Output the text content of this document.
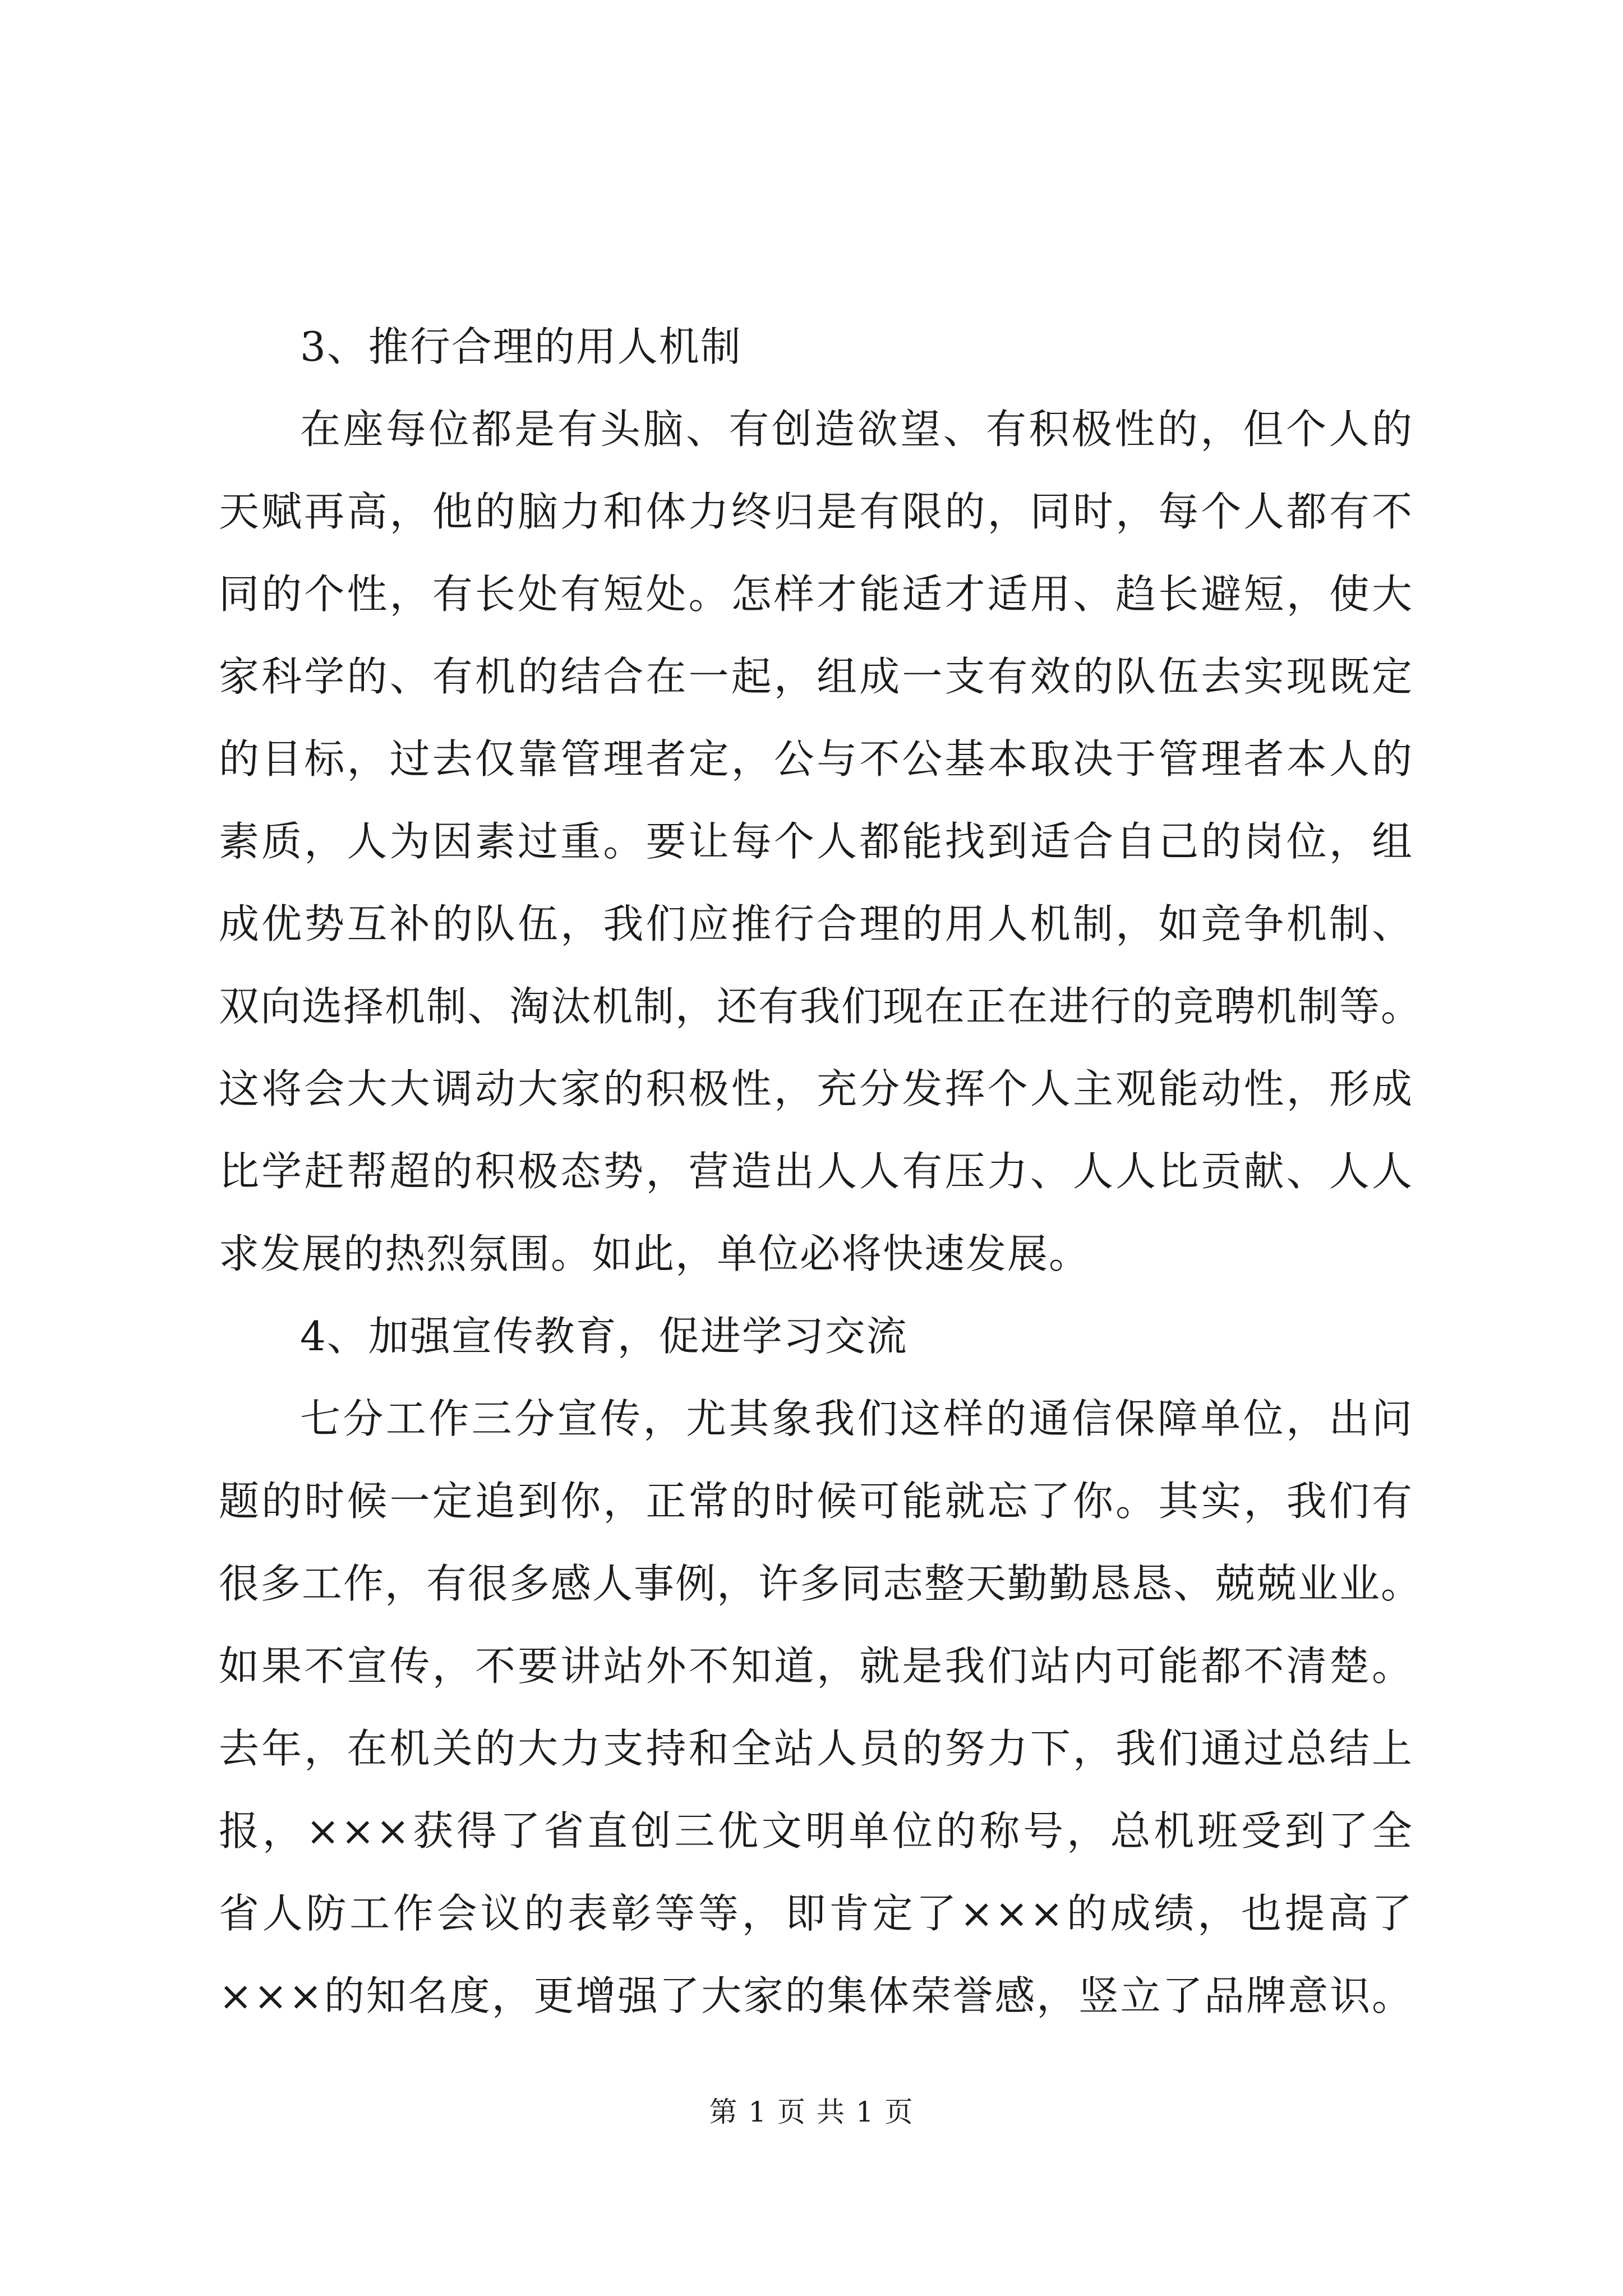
3、推行合理的用人机制
在座每位都是有头脑、有创造欲望、有积极性的，但个人的
天赋再高，他的脑力和体力终归是有限的，同时，每个人都有不
同的个性，有长处有短处。怎样才能适才适用、趋长避短，使大
家科学的、有机的结合在一起，组成一支有效的队伍去实现既定
的目标，过去仅靠管理者定，公与不公基本取决于管理者本人的
素质，人为因素过重。要让每个人都能找到适合自己的岗位，组
成优势互补的队伍，我们应推行合理的用人机制，如竞争机制、
双向选择机制、淘汰机制，还有我们现在正在进行的竞聘机制等。
这将会大大调动大家的积极性，充分发挥个人主观能动性，形成
比学赶帮超的积极态势，营造出人人有压力、人人比贡献、人人
求发展的热烈氛围。如此，单位必将快速发展。
4、加强宣传教育，促进学习交流
七分工作三分宣传，尤其象我们这样的通信保障单位，出问
题的时候一定追到你，正常的时候可能就忘了你。其实，我们有
很多工作，有很多感人事例，许多同志整天勤勤恳恳、兢兢业业。
如果不宣传，不要讲站外不知道，就是我们站内可能都不清楚。
去年，在机关的大力支持和全站人员的努力下，我们通过总结上
报，×××获得了省直创三优文明单位的称号，总机班受到了全
省人防工作会议的表彰等等，即肯定了×××的成绩，也提高了
×××的知名度，更增强了大家的集体荣誉感，竖立了品牌意识。
第 1 页 共 1 页
